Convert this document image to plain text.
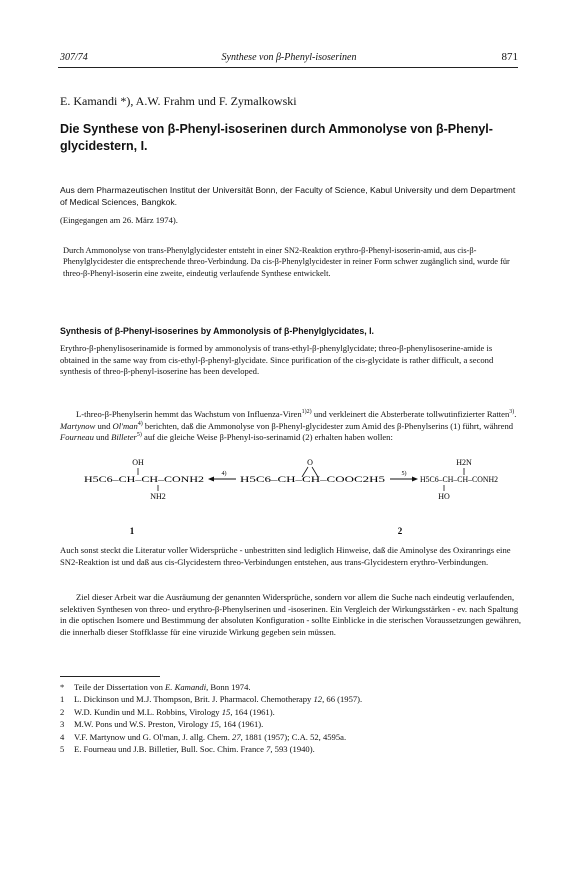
307/74	Synthese von β-Phenyl-isoserinen	871
E. Kamandi *), A.W. Frahm und F. Zymalkowski
Die Synthese von β-Phenyl-isoserinen durch Ammonolyse von β-Phenyl-glycidestern, I.
Aus dem Pharmazeutischen Institut der Universität Bonn, der Faculty of Science, Kabul University und dem Department of Medical Sciences, Bangkok.
(Eingegangen am 26. März 1974).
Durch Ammonolyse von trans-Phenylglycidester entsteht in einer SN2-Reaktion erythro-β-Phenyl-isoserin-amid, aus cis-β-Phenylglycidester die entsprechende threo-Verbindung. Da cis-β-Phenylglycidester in reiner Form schwer zugänglich sind, wurde für threo-β-Phenyl-isoserin eine zweite, eindeutig verlaufende Synthese entwickelt.
Synthesis of β-Phenyl-isoserines by Ammonolysis of β-Phenylglycidates, I.
Erythro-β-phenylisoserinamide is formed by ammonolysis of trans-ethyl-β-phenylglycidate; threo-β-phenylisoserine-amide is obtained in the same way from cis-ethyl-β-phenyl-glycidate. Since purification of the cis-glycidate is rather difficult, a second synthesis of threo-β-phenyl-isoserine has been developed.
L-threo-β-Phenylserin hemmt das Wachstum von Influenza-Viren$^{1)2)}$ und verkleinert die Absterberate tollwutinfizierter Ratten$^{3)}$. Martynow und Ol'man$^{4)}$ berichten, daß die Ammonolyse von β-Phenyl-glycidester zum Amid des β-Phenylserins (1) führt, während Fourneau und Billeter$^{5)}$ auf die gleiche Weise β-Phenyl-iso-serinamid (2) erhalten haben wollen:
OH
H5C6–CH–CH–CONH2
NH2
4)
O
H5C6–CH–CH–COOC2H5	5)
H2N
H5C6–CH–CH–CONH2
HO
1	2
Auch sonst steckt die Literatur voller Widersprüche - unbestritten sind lediglich Hinweise, daß die Aminolyse des Oxiranrings eine SN2-Reaktion ist und daß aus cis-Glycidestern threo-Verbindungen entstehen, aus trans-Glycidestern erythro-Verbindungen.
Ziel dieser Arbeit war die Ausräumung der genannten Widersprüche, sondern vor allem die Suche nach eindeutig verlaufenden, selektiven Synthesen von threo- und erythro-β-Phenylserinen und -isoserinen. Ein Vergleich der Wirkungsstärken - ev. nach Spaltung in die optischen Isomere und Bestimmung der absoluten Konfiguration - sollte Einblicke in die sterischen Voraussetzungen gewähren, die innerhalb dieser Stoffklasse für eine viruzide Wirkung gegeben sein müssen.
* Teile der Dissertation von E. Kamandi, Bonn 1974.
1 L. Dickinson und M.J. Thompson, Brit. J. Pharmacol. Chemotherapy 12, 66 (1957).
2 W.D. Kundin und M.L. Robbins, Virology 15, 164 (1961).
3 M.W. Pons und W.S. Preston, Virology 15, 164 (1961).
4 V.F. Martynow und G. Ol'man, J. allg. Chem. 27, 1881 (1957); C.A. 52, 4595a.
5 E. Fourneau und J.B. Billetier, Bull. Soc. Chim. France 7, 593 (1940).
